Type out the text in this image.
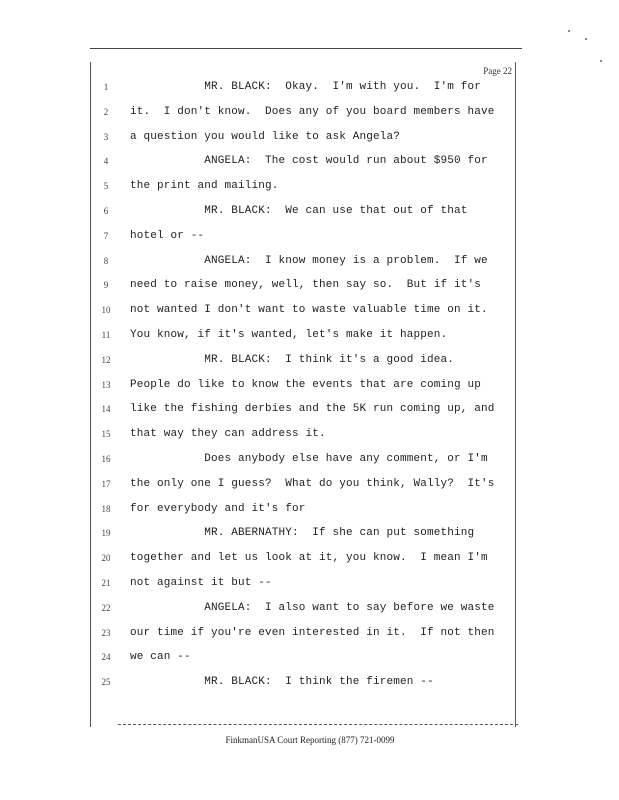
Page 22
1	MR. BLACK:  Okay.  I'm with you.  I'm for
2	it.  I don't know.  Does any of you board members have
3	a question you would like to ask Angela?
4	ANGELA:  The cost would run about $950 for
5	the print and mailing.
6	MR. BLACK:  We can use that out of that
7	hotel or --
8	ANGELA:  I know money is a problem.  If we
9	need to raise money, well, then say so.  But if it's
10	not wanted I don't want to waste valuable time on it.
11	You know, if it's wanted, let's make it happen.
12	MR. BLACK:  I think it's a good idea.
13	People do like to know the events that are coming up
14	like the fishing derbies and the 5K run coming up, and
15	that way they can address it.
16	Does anybody else have any comment, or I'm
17	the only one I guess?  What do you think, Wally?  It's
18	for everybody and it's for
19	MR. ABERNATHY:  If she can put something
20	together and let us look at it, you know.  I mean I'm
21	not against it but --
22	ANGELA:  I also want to say before we waste
23	our time if you're even interested in it.  If not then
24	we can --
25	MR. BLACK:  I think the firemen --
FinkmanUSA Court Reporting (877) 721-0099
